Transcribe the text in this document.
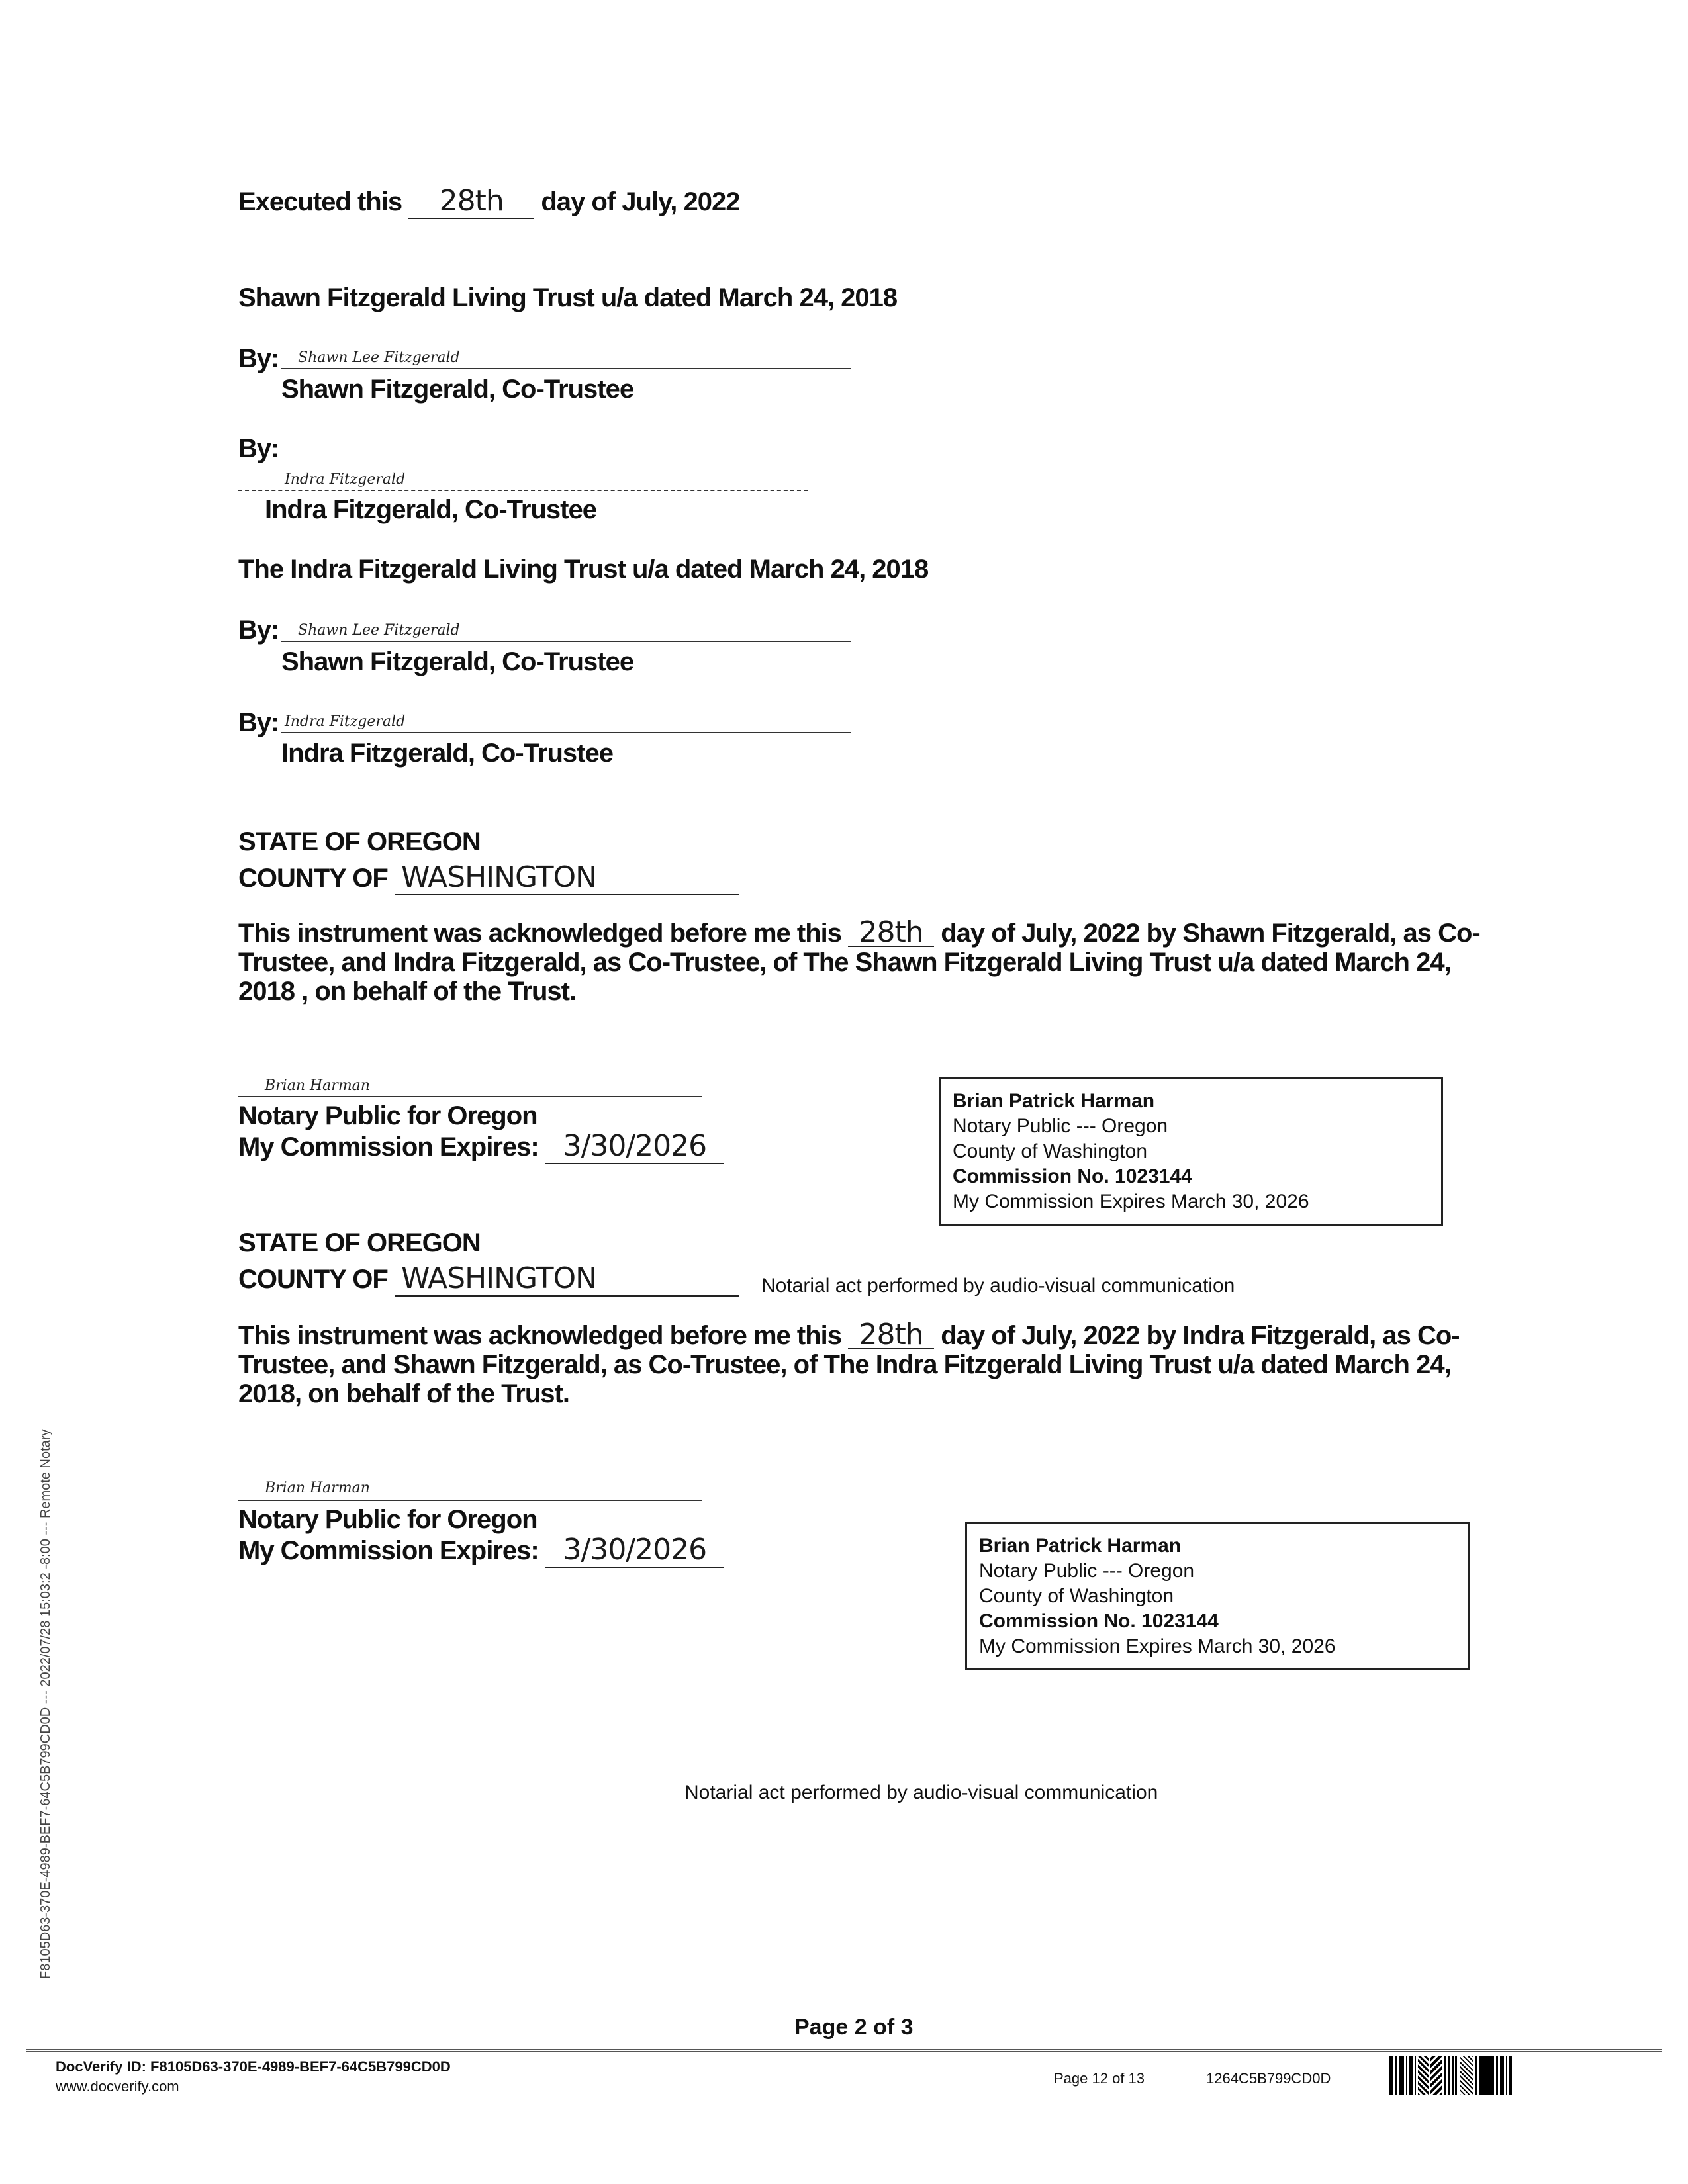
Executed this 28th day of July, 2022
Shawn Fitzgerald Living Trust u/a dated March 24, 2018
By: Shawn Lee Fitzgerald
Shawn Fitzgerald, Co-Trustee
By:
Indra Fitzgerald
Indra Fitzgerald, Co-Trustee
The Indra Fitzgerald Living Trust u/a dated March 24, 2018
By: Shawn Lee Fitzgerald
Shawn Fitzgerald, Co-Trustee
By: Indra Fitzgerald
Indra Fitzgerald, Co-Trustee
STATE OF OREGON
COUNTY OF WASHINGTON
This instrument was acknowledged before me this 28th day of July, 2022 by Shawn Fitzgerald, as Co-Trustee, and Indra Fitzgerald, as Co-Trustee, of The Shawn Fitzgerald Living Trust u/a dated March 24, 2018 , on behalf of the Trust.
Brian Harman
Notary Public for Oregon
My Commission Expires: 3/30/2026
Brian Patrick Harman
Notary Public --- Oregon
County of Washington
Commission No. 1023144
My Commission Expires March 30, 2026
STATE OF OREGON
COUNTY OF WASHINGTON	Notarial act performed by audio-visual communication
This instrument was acknowledged before me this 28th day of July, 2022 by Indra Fitzgerald, as Co-Trustee, and Shawn Fitzgerald, as Co-Trustee, of The Indra Fitzgerald Living Trust u/a dated March 24, 2018, on behalf of the Trust.
Brian Harman
Notary Public for Oregon
My Commission Expires: 3/30/2026	Brian Patrick Harman
Notary Public --- Oregon
County of Washington
Commission No. 1023144
My Commission Expires March 30, 2026
Notarial act performed by audio-visual communication
F8105D63-370E-4989-BEF7-64C5B799CD0D --- 2022/07/28 15:03:2 -8:00 --- Remote Notary
Page 2 of 3
DocVerify ID: F8105D63-370E-4989-BEF7-64C5B799CD0D
www.docverify.com	Page 12 of 13	1264C5B799CD0D
